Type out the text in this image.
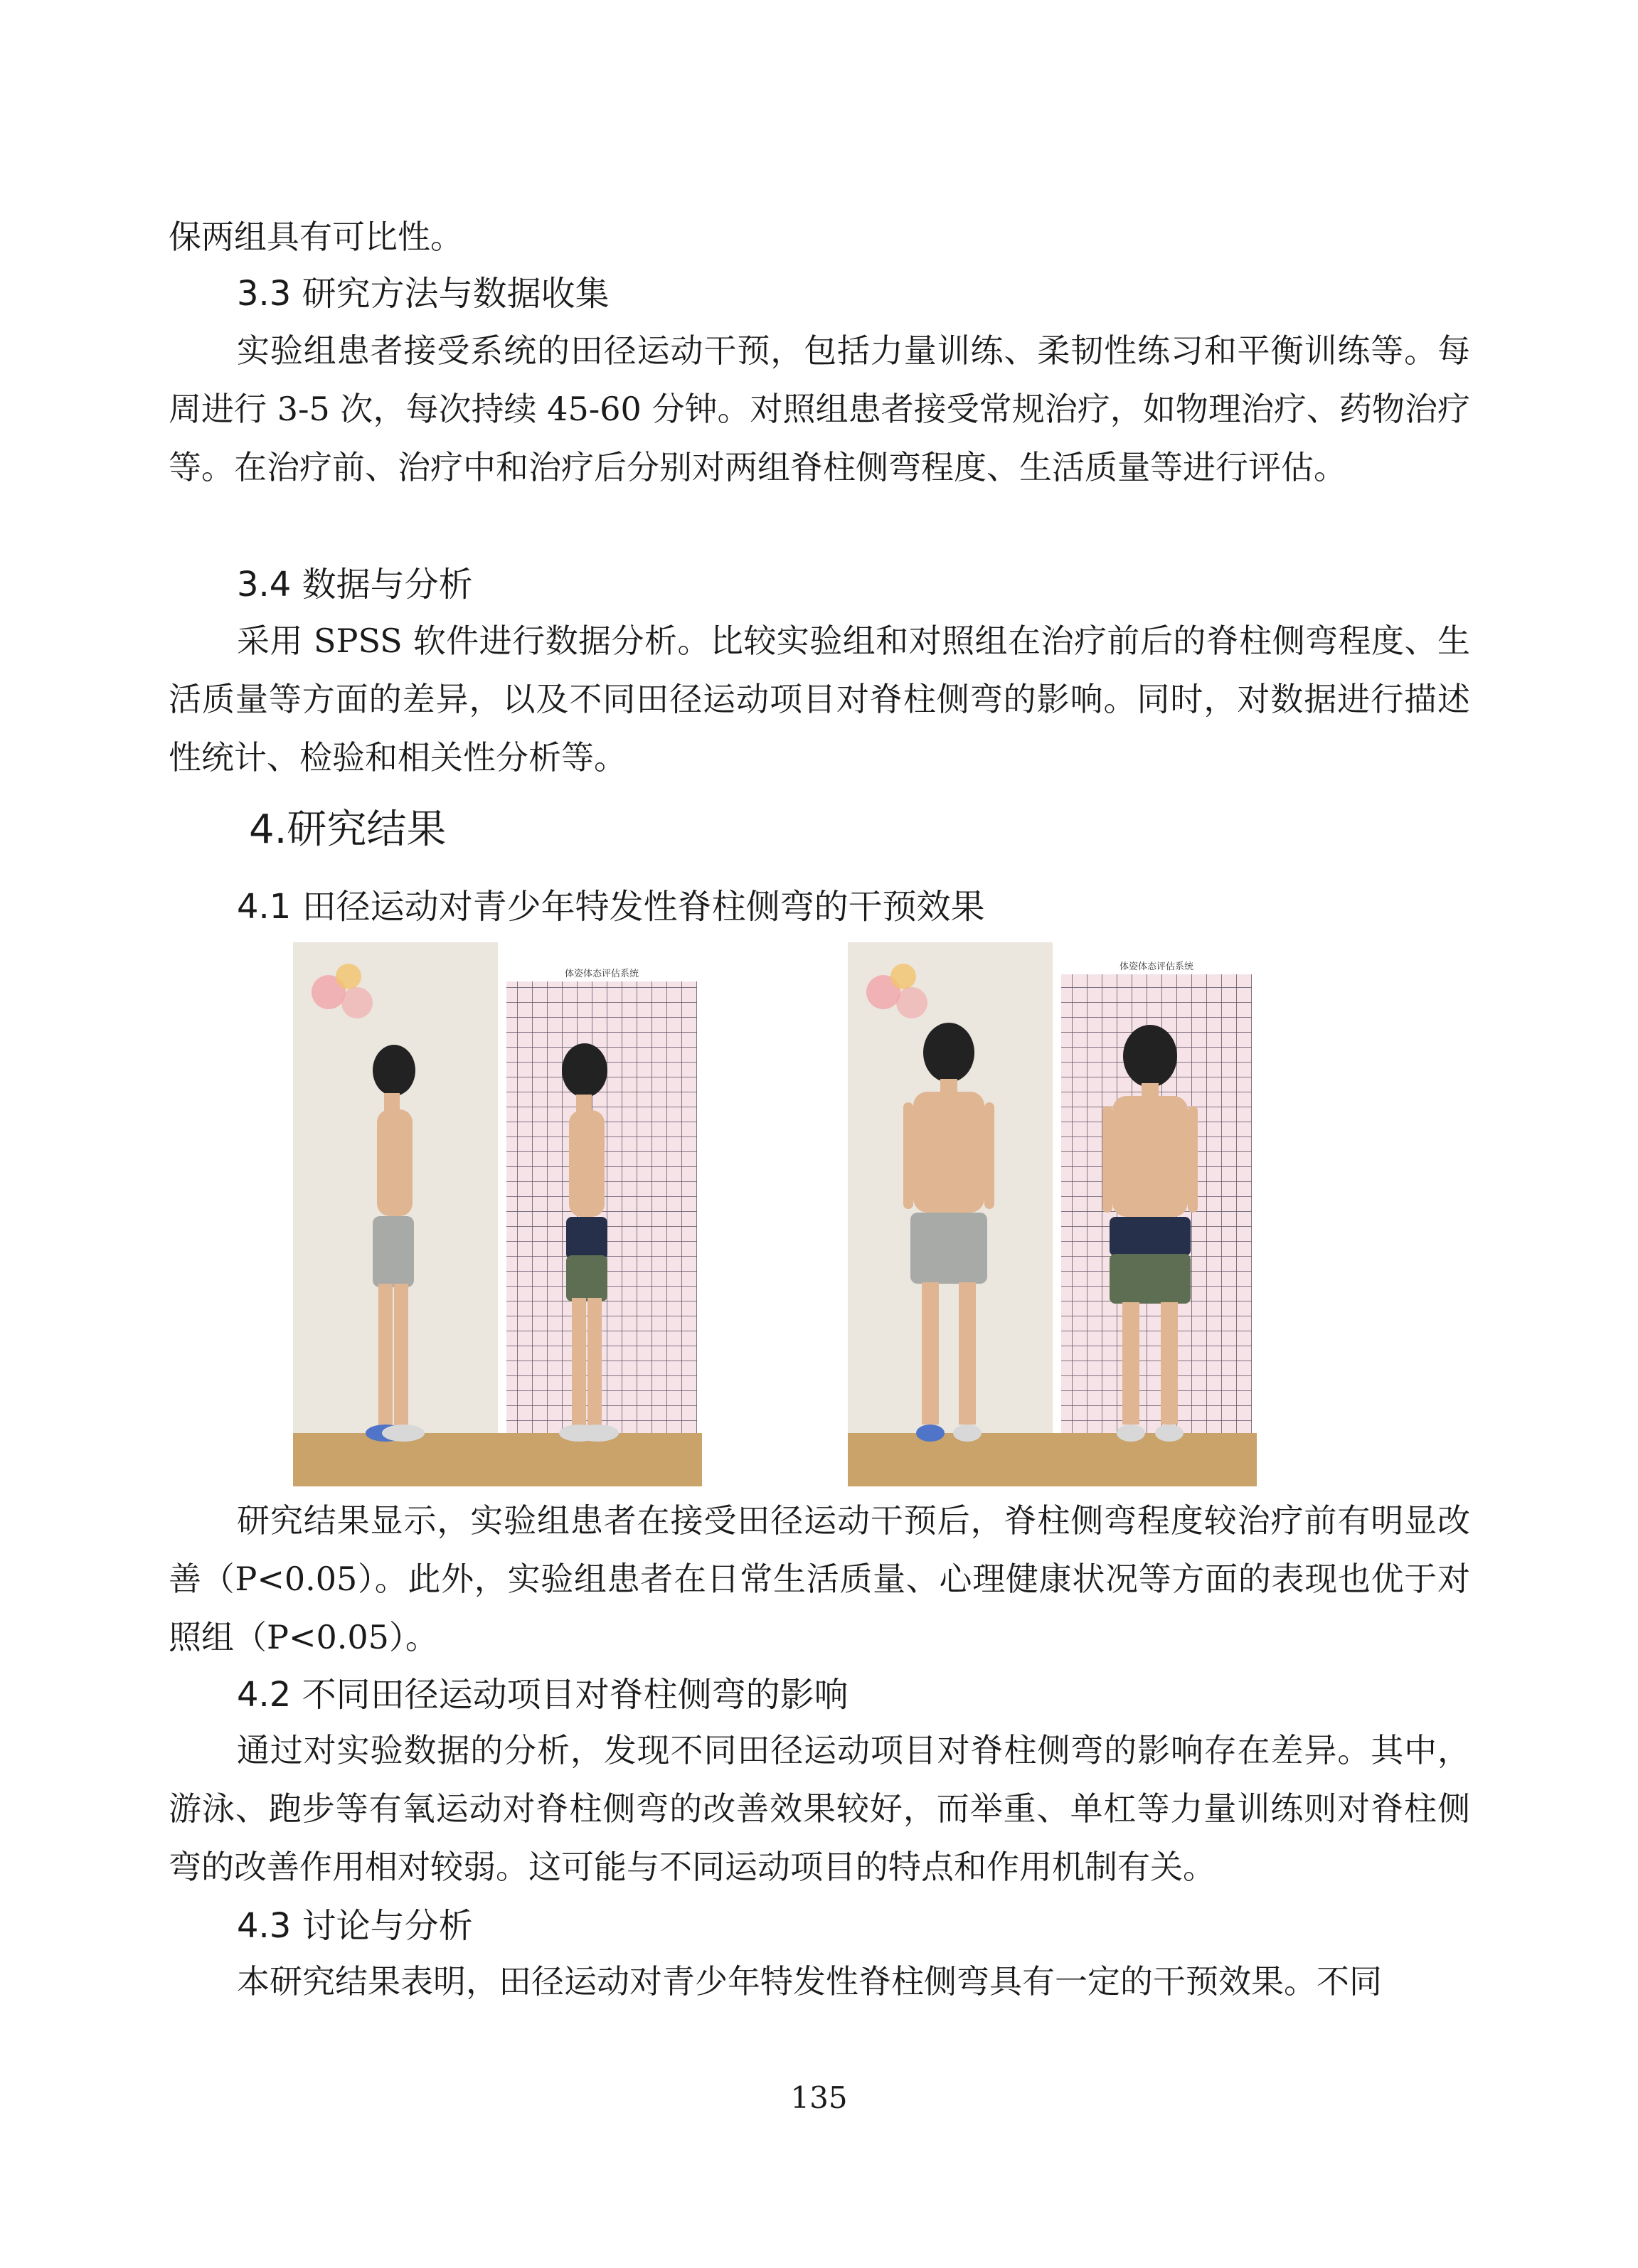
保两组具有可比性。

3.3 研究方法与数据收集

实验组患者接受系统的田径运动干预，包括力量训练、柔韧性练习和平衡训练等。每周进行 3-5 次，每次持续 45-60 分钟。对照组患者接受常规治疗，如物理治疗、药物治疗等。在治疗前、治疗中和治疗后分别对两组脊柱侧弯程度、生活质量等进行评估。

3.4 数据与分析

采用 SPSS 软件进行数据分析。比较实验组和对照组在治疗前后的脊柱侧弯程度、生活质量等方面的差异，以及不同田径运动项目对脊柱侧弯的影响。同时，对数据进行描述性统计、检验和相关性分析等。

4.研究结果

4.1 田径运动对青少年特发性脊柱侧弯的干预效果

体姿体态评估系统
体姿体态评估系统

研究结果显示，实验组患者在接受田径运动干预后，脊柱侧弯程度较治疗前有明显改善（P<0.05）。此外，实验组患者在日常生活质量、心理健康状况等方面的表现也优于对照组（P<0.05）。

4.2 不同田径运动项目对脊柱侧弯的影响

通过对实验数据的分析，发现不同田径运动项目对脊柱侧弯的影响存在差异。其中，游泳、跑步等有氧运动对脊柱侧弯的改善效果较好，而举重、单杠等力量训练则对脊柱侧弯的改善作用相对较弱。这可能与不同运动项目的特点和作用机制有关。

4.3 讨论与分析

本研究结果表明，田径运动对青少年特发性脊柱侧弯具有一定的干预效果。不同

135
